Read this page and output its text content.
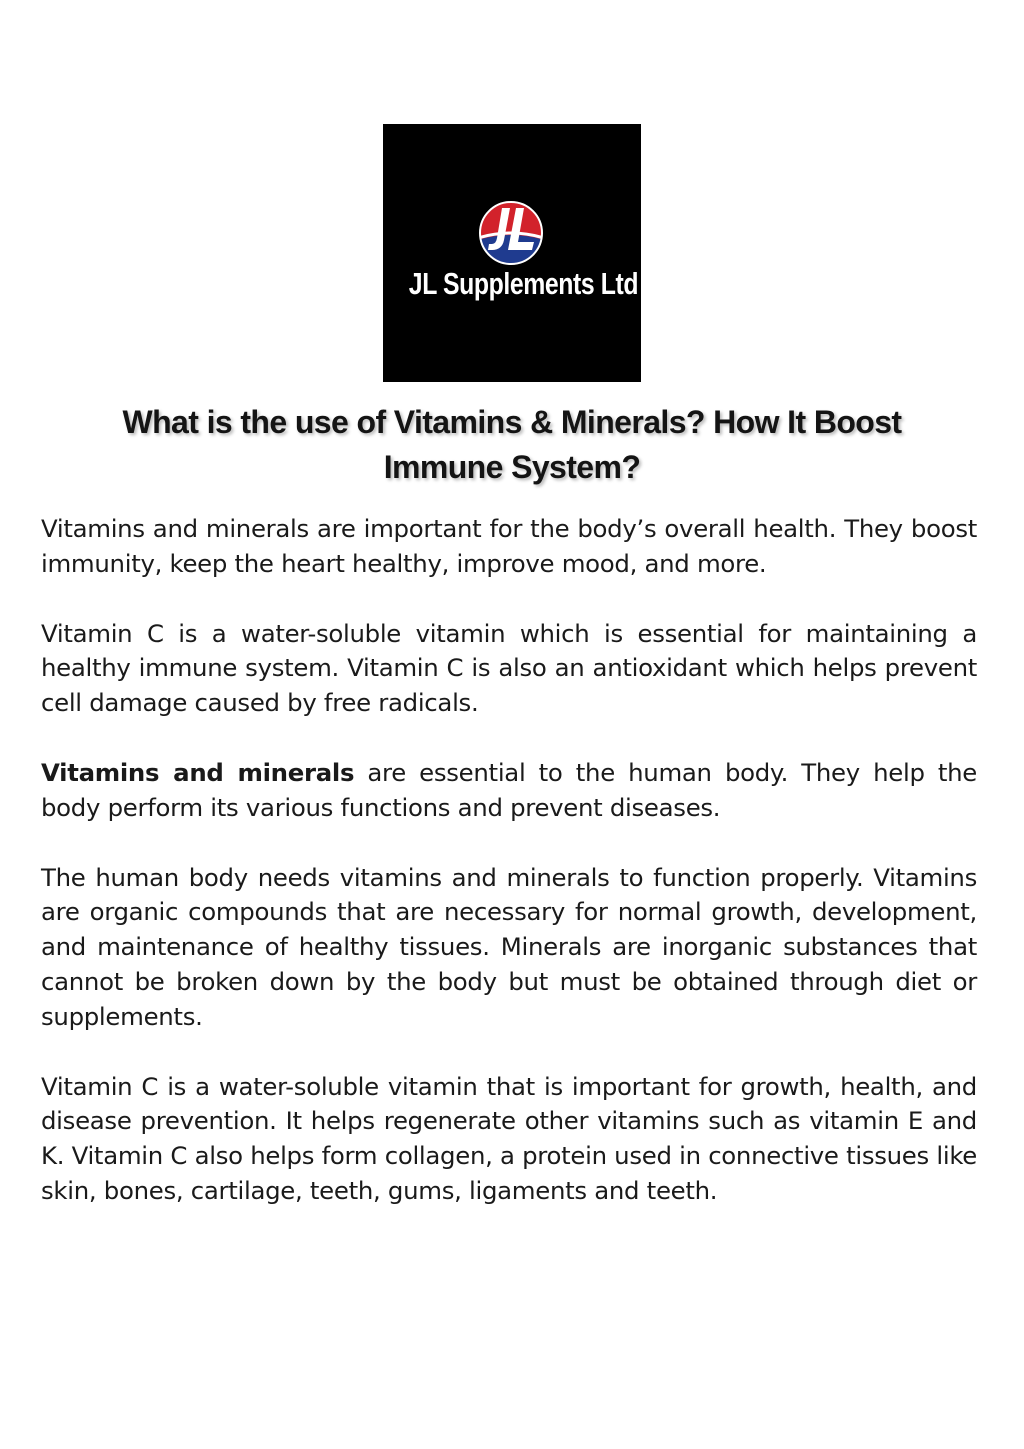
JL Supplements Ltd
What is the use of Vitamins & Minerals? How It Boost Immune System?

Vitamins and minerals are important for the body’s overall health. They boost immunity, keep the heart healthy, improve mood, and more.

Vitamin C is a water-soluble vitamin which is essential for maintaining a healthy immune system. Vitamin C is also an antioxidant which helps prevent cell damage caused by free radicals.

Vitamins and minerals are essential to the human body. They help the body perform its various functions and prevent diseases.

The human body needs vitamins and minerals to function properly. Vitamins are organic compounds that are necessary for normal growth, development, and maintenance of healthy tissues. Minerals are inorganic substances that cannot be broken down by the body but must be obtained through diet or supplements.

Vitamin C is a water-soluble vitamin that is important for growth, health, and disease prevention. It helps regenerate other vitamins such as vitamin E and K. Vitamin C also helps form collagen, a protein used in connective tissues like skin, bones, cartilage, teeth, gums, ligaments and teeth.
